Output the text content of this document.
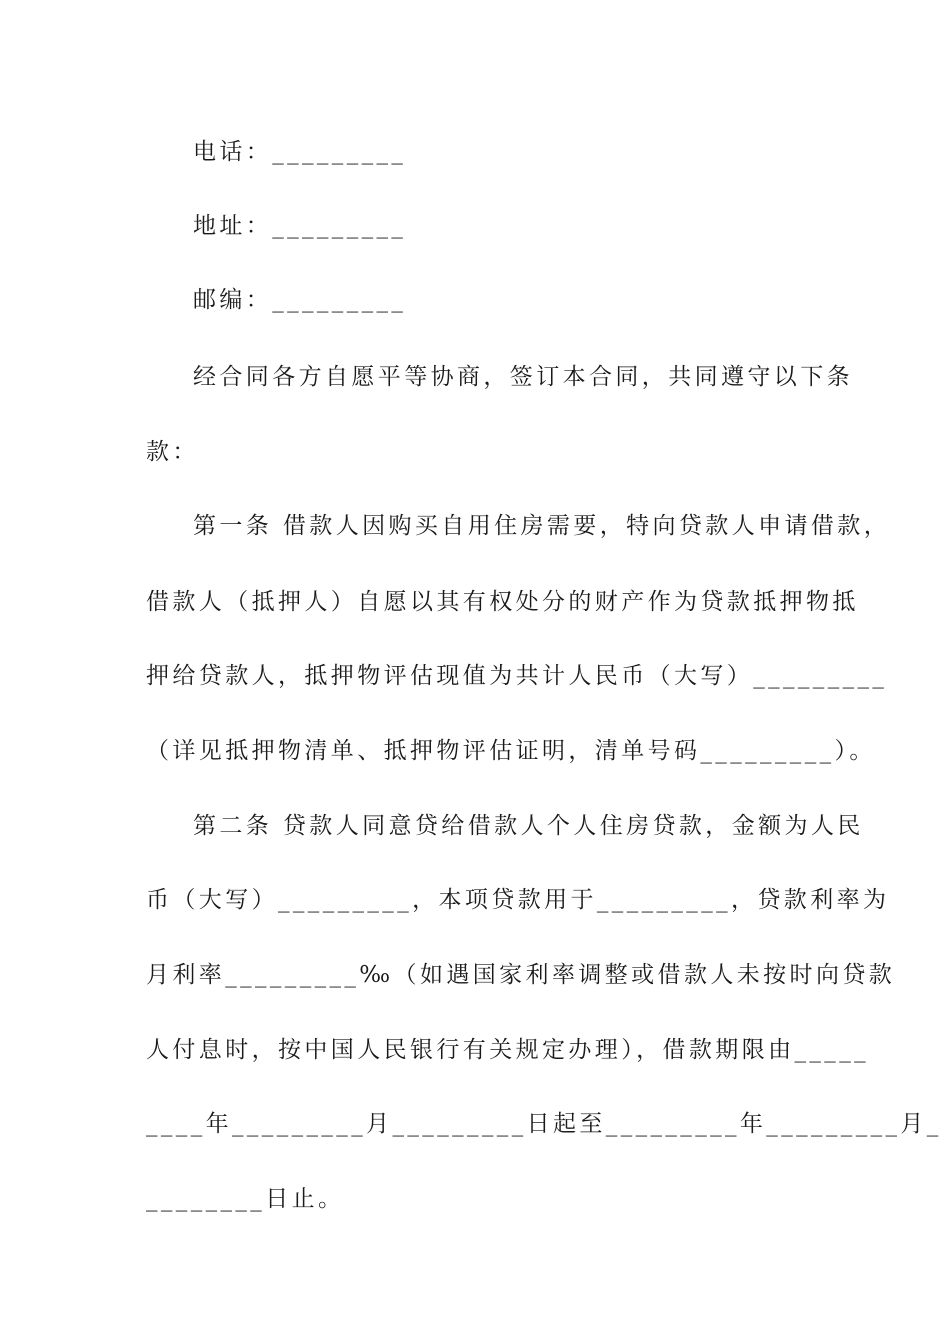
电话：_________
地址：_________
邮编：_________
经合同各方自愿平等协商，签订本合同，共同遵守以下条
款：
第一条 借款人因购买自用住房需要，特向贷款人申请借款，
借款人（抵押人）自愿以其有权处分的财产作为贷款抵押物抵
押给贷款人，抵押物评估现值为共计人民币（大写）_________
（详见抵押物清单、抵押物评估证明，清单号码_________）。
第二条 贷款人同意贷给借款人个人住房贷款，金额为人民
币（大写）_________，本项贷款用于_________，贷款利率为
月利率_________‰（如遇国家利率调整或借款人未按时向贷款
人付息时，按中国人民银行有关规定办理），借款期限由_____
____年_________月_________日起至_________年_________月_
________日止。
